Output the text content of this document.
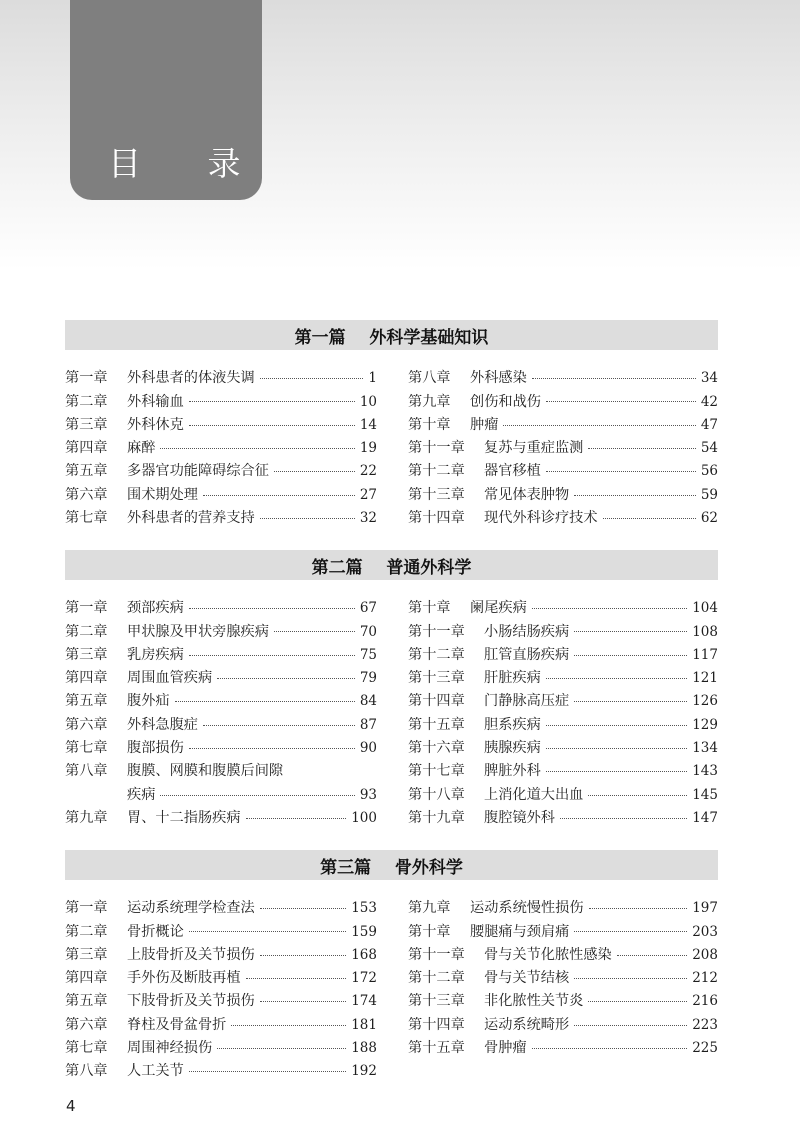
目 录
第一篇    外科学基础知识
第一章	外科患者的体液失调	1
第二章	外科输血	10
第三章	外科休克	14
第四章	麻醉	19
第五章	多器官功能障碍综合征	22
第六章	围术期处理	27
第七章	外科患者的营养支持	32
第八章	外科感染	34
第九章	创伤和战伤	42
第十章	肿瘤	47
第十一章	复苏与重症监测	54
第十二章	器官移植	56
第十三章	常见体表肿物	59
第十四章	现代外科诊疗技术	62
第二篇    普通外科学
第一章	颈部疾病	67
第二章	甲状腺及甲状旁腺疾病	70
第三章	乳房疾病	75
第四章	周围血管疾病	79
第五章	腹外疝	84
第六章	外科急腹症	87
第七章	腹部损伤	90
第八章	腹膜、网膜和腹膜后间隙
疾病	93
第九章	胃、十二指肠疾病	100
第十章	阑尾疾病	104
第十一章	小肠结肠疾病	108
第十二章	肛管直肠疾病	117
第十三章	肝脏疾病	121
第十四章	门静脉高压症	126
第十五章	胆系疾病	129
第十六章	胰腺疾病	134
第十七章	脾脏外科	143
第十八章	上消化道大出血	145
第十九章	腹腔镜外科	147
第三篇    骨外科学
第一章	运动系统理学检查法	153
第二章	骨折概论	159
第三章	上肢骨折及关节损伤	168
第四章	手外伤及断肢再植	172
第五章	下肢骨折及关节损伤	174
第六章	脊柱及骨盆骨折	181
第七章	周围神经损伤	188
第八章	人工关节	192
第九章	运动系统慢性损伤	197
第十章	腰腿痛与颈肩痛	203
第十一章	骨与关节化脓性感染	208
第十二章	骨与关节结核	212
第十三章	非化脓性关节炎	216
第十四章	运动系统畸形	223
第十五章	骨肿瘤	225
4
